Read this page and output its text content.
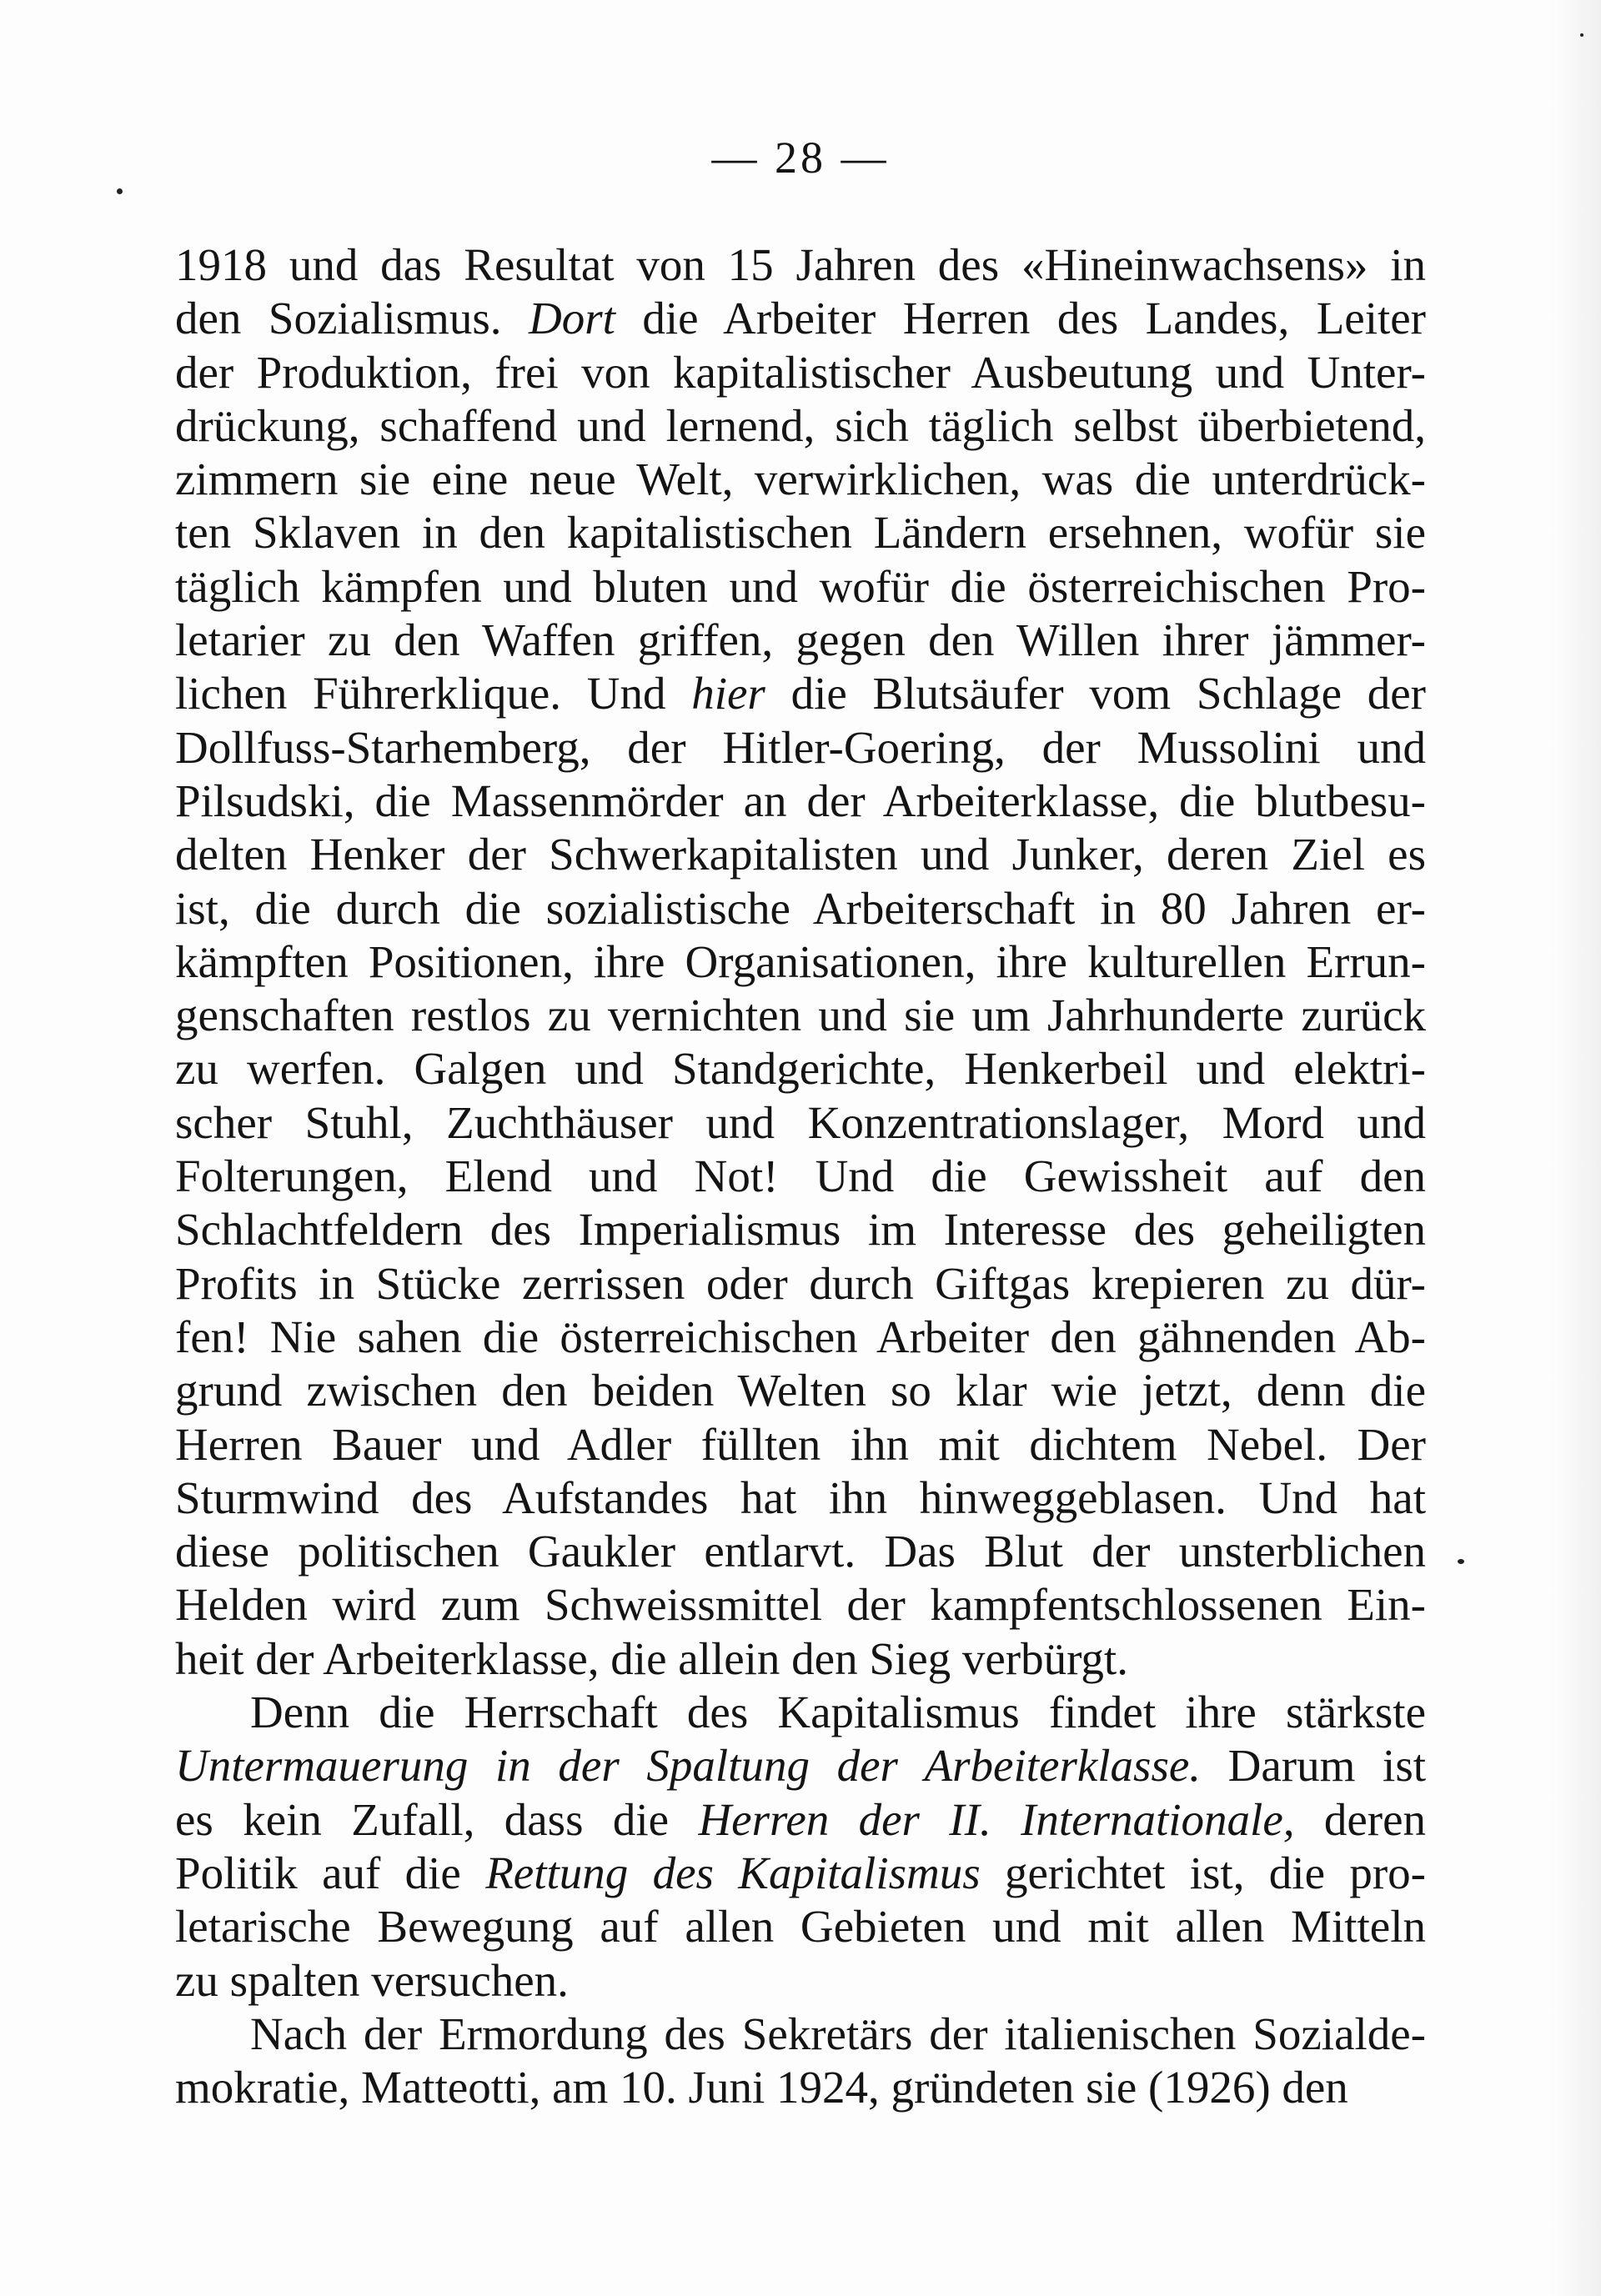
— 28 —
1918 und das Resultat von 15 Jahren des «Hineinwachsens» in
den Sozialismus. Dort die Arbeiter Herren des Landes, Leiter
der Produktion, frei von kapitalistischer Ausbeutung und Unter-
drückung, schaffend und lernend, sich täglich selbst überbietend,
zimmern sie eine neue Welt, verwirklichen, was die unterdrück-
ten Sklaven in den kapitalistischen Ländern ersehnen, wofür sie
täglich kämpfen und bluten und wofür die österreichischen Pro-
letarier zu den Waffen griffen, gegen den Willen ihrer jämmer-
lichen Führerklique. Und hier die Blutsäufer vom Schlage der
Dollfuss-Starhemberg, der Hitler-Goering, der Mussolini und
Pilsudski, die Massenmörder an der Arbeiterklasse, die blutbesu-
delten Henker der Schwerkapitalisten und Junker, deren Ziel es
ist, die durch die sozialistische Arbeiterschaft in 80 Jahren er-
kämpften Positionen, ihre Organisationen, ihre kulturellen Errun-
genschaften restlos zu vernichten und sie um Jahrhunderte zurück
zu werfen. Galgen und Standgerichte, Henkerbeil und elektri-
scher Stuhl, Zuchthäuser und Konzentrationslager, Mord und
Folterungen, Elend und Not! Und die Gewissheit auf den
Schlachtfeldern des Imperialismus im Interesse des geheiligten
Profits in Stücke zerrissen oder durch Giftgas krepieren zu dür-
fen! Nie sahen die österreichischen Arbeiter den gähnenden Ab-
grund zwischen den beiden Welten so klar wie jetzt, denn die
Herren Bauer und Adler füllten ihn mit dichtem Nebel. Der
Sturmwind des Aufstandes hat ihn hinweggeblasen. Und hat
diese politischen Gaukler entlarvt. Das Blut der unsterblichen
Helden wird zum Schweissmittel der kampfentschlossenen Ein-
heit der Arbeiterklasse, die allein den Sieg verbürgt.
Denn die Herrschaft des Kapitalismus findet ihre stärkste
Untermauerung in der Spaltung der Arbeiterklasse. Darum ist
es kein Zufall, dass die Herren der II. Internationale, deren
Politik auf die Rettung des Kapitalismus gerichtet ist, die pro-
letarische Bewegung auf allen Gebieten und mit allen Mitteln
zu spalten versuchen.
Nach der Ermordung des Sekretärs der italienischen Sozialde-
mokratie, Matteotti, am 10. Juni 1924, gründeten sie (1926) den
